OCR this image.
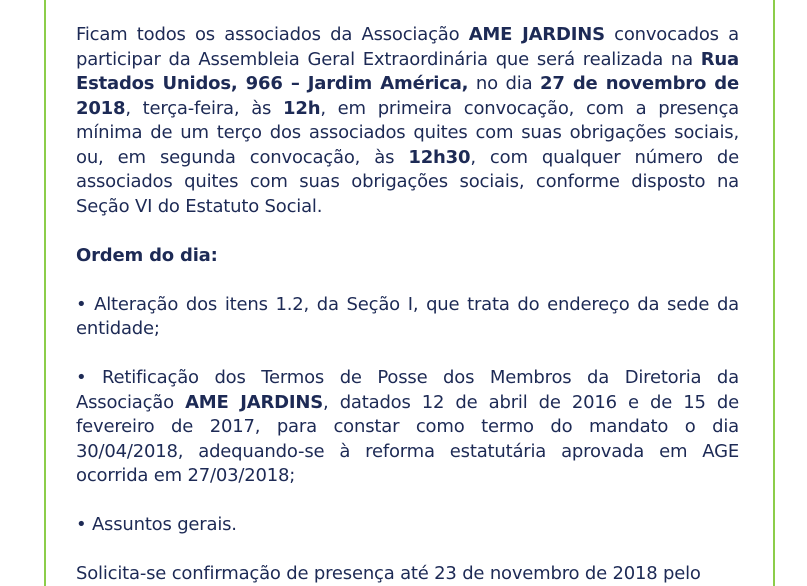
Ficam todos os associados da Associação AME JARDINS convocados a participar da Assembleia Geral Extraordinária que será realizada na Rua Estados Unidos, 966 – Jardim América, no dia 27 de novembro de 2018, terça-feira, às 12h, em primeira convocação, com a presença mínima de um terço dos associados quites com suas obrigações sociais, ou, em segunda convocação, às 12h30, com qualquer número de associados quites com suas obrigações sociais, conforme disposto na Seção VI do Estatuto Social.

Ordem do dia:

• Alteração dos itens 1.2, da Seção I, que trata do endereço da sede da entidade;

• Retificação dos Termos de Posse dos Membros da Diretoria da Associação AME JARDINS, datados 12 de abril de 2016 e de 15 de fevereiro de 2017, para constar como termo do mandato o dia 30/04/2018, adequando-se à reforma estatutária aprovada em AGE ocorrida em 27/03/2018;

• Assuntos gerais.

Solicita-se confirmação de presença até 23 de novembro de 2018 pelo
